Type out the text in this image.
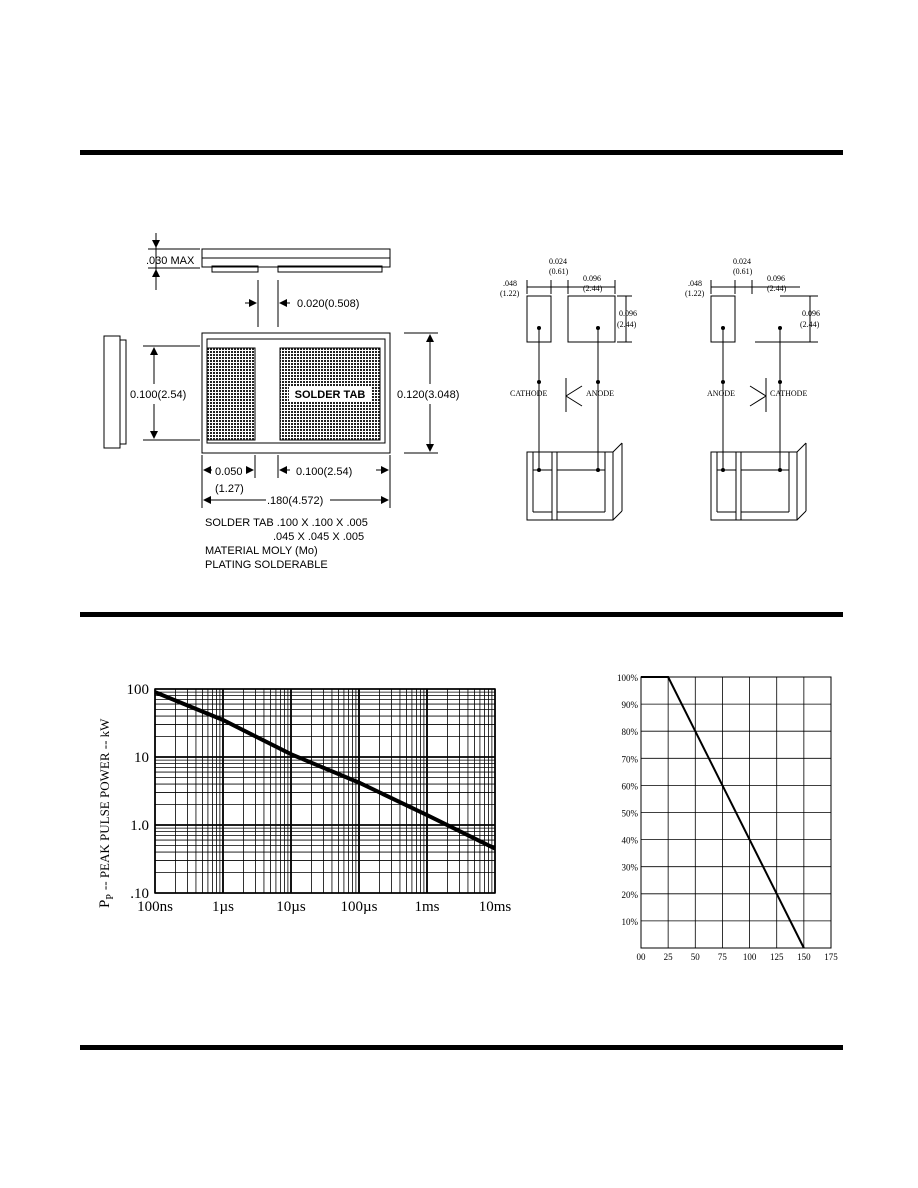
.030 MAX
0.020(0.508)
SOLDER TAB
0.100(2.54)	0.120(3.048)
0.050
(1.27)
0.100(2.54)
.180(4.572)
SOLDER TAB .100 X .100 X .005
.045 X .045 X .005
MATERIAL MOLY (Mo)
PLATING SOLDERABLE
.048
(1.22)
0.024
(0.61)
0.096
(2.44)
0.096
(2.44)
CATHODE	ANODE
.048
(1.22)
0.024
(0.61)
0.096
(2.44)
0.096
(2.44)
ANODE	CATHODE
100
10
1.0
.10
100ns	1µs	10µs 100µs 1ms	10ms
$P_P--$ PEAK PULSE POWER -- kW
100%
90%
80%
70%
60%
50%
40%
30%
20%
10%
00 25 50 75 100 125 150 175
